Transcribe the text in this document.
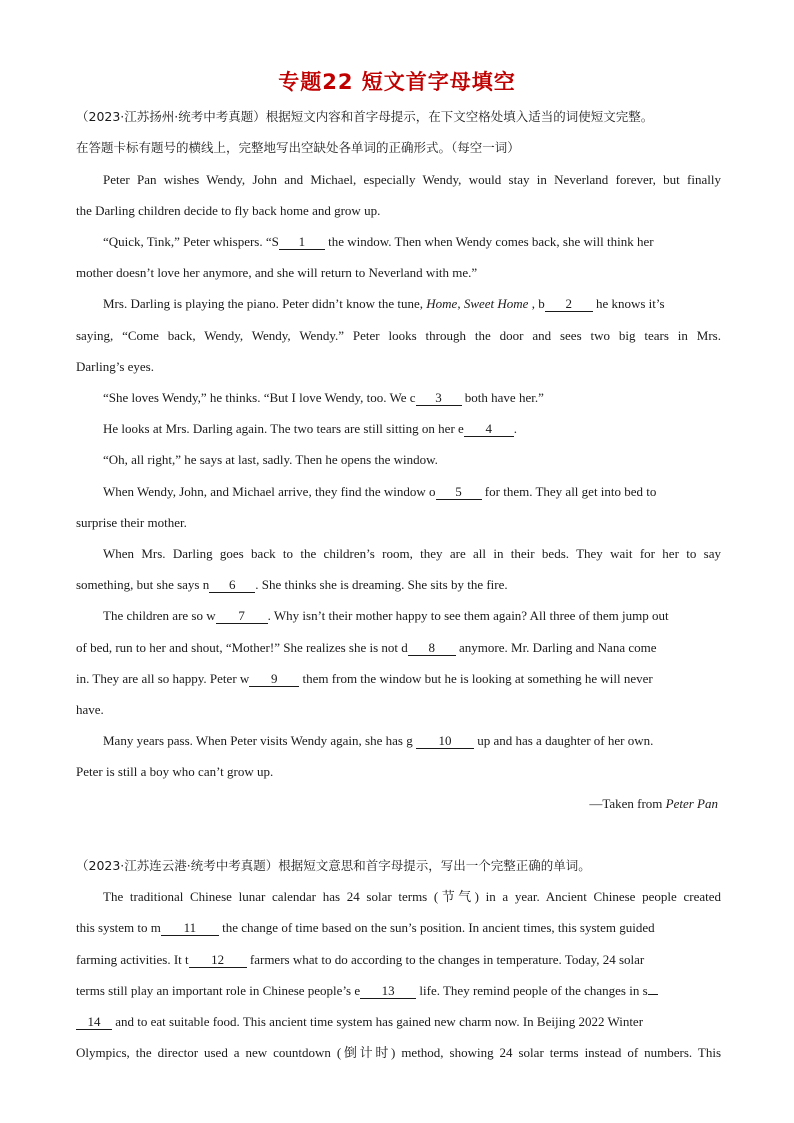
专题22 短文首字母填空
（2023·江苏扬州·统考中考真题）根据短文内容和首字母提示，在下文空格处填入适当的词使短文完整。
在答题卡标有题号的横线上，完整地写出空缺处各单词的正确形式。（每空一词）
Peter Pan wishes Wendy, John and Michael, especially Wendy, would stay in Neverland forever, but finally
the Darling children decide to fly back home and grow up.
“Quick, Tink,” Peter whispers. “S 1 the window. Then when Wendy comes back, she will think her
mother doesn’t love her anymore, and she will return to Neverland with me.”
Mrs. Darling is playing the piano. Peter didn’t know the tune, Home, Sweet Home , b 2 he knows it’s
saying, “Come back, Wendy, Wendy, Wendy.” Peter looks through the door and sees two big tears in Mrs.
Darling’s eyes.
“She loves Wendy,” he thinks. “But I love Wendy, too. We c 3 both have her.”
He looks at Mrs. Darling again. The two tears are still sitting on her e 4 .
“Oh, all right,” he says at last, sadly. Then he opens the window.
When Wendy, John, and Michael arrive, they find the window o 5 for them. They all get into bed to
surprise their mother.
When Mrs. Darling goes back to the children’s room, they are all in their beds. They wait for her to say
something, but she says n 6 . She thinks she is dreaming. She sits by the fire.
The children are so w 7 . Why isn’t their mother happy to see them again? All three of them jump out
of bed, run to her and shout, “Mother!” She realizes she is not d 8 anymore. Mr. Darling and Nana come
in. They are all so happy. Peter w 9 them from the window but he is looking at something he will never
have.
Many years pass. When Peter visits Wendy again, she has g 10 up and has a daughter of her own.
Peter is still a boy who can’t grow up.
—Taken from Peter Pan
（2023·江苏连云港·统考中考真题）根据短文意思和首字母提示，写出一个完整正确的单词。
The traditional Chinese lunar calendar has 24 solar terms (节气) in a year. Ancient Chinese people created
this system to m 11 the change of time based on the sun’s position. In ancient times, this system guided
farming activities. It t 12 farmers what to do according to the changes in temperature. Today, 24 solar
terms still play an important role in Chinese people’s e 13 life. They remind people of the changes in s
14 and to eat suitable food. This ancient time system has gained new charm now. In Beijing 2022 Winter
Olympics, the director used a new countdown (倒计时) method, showing 24 solar terms instead of numbers. This
